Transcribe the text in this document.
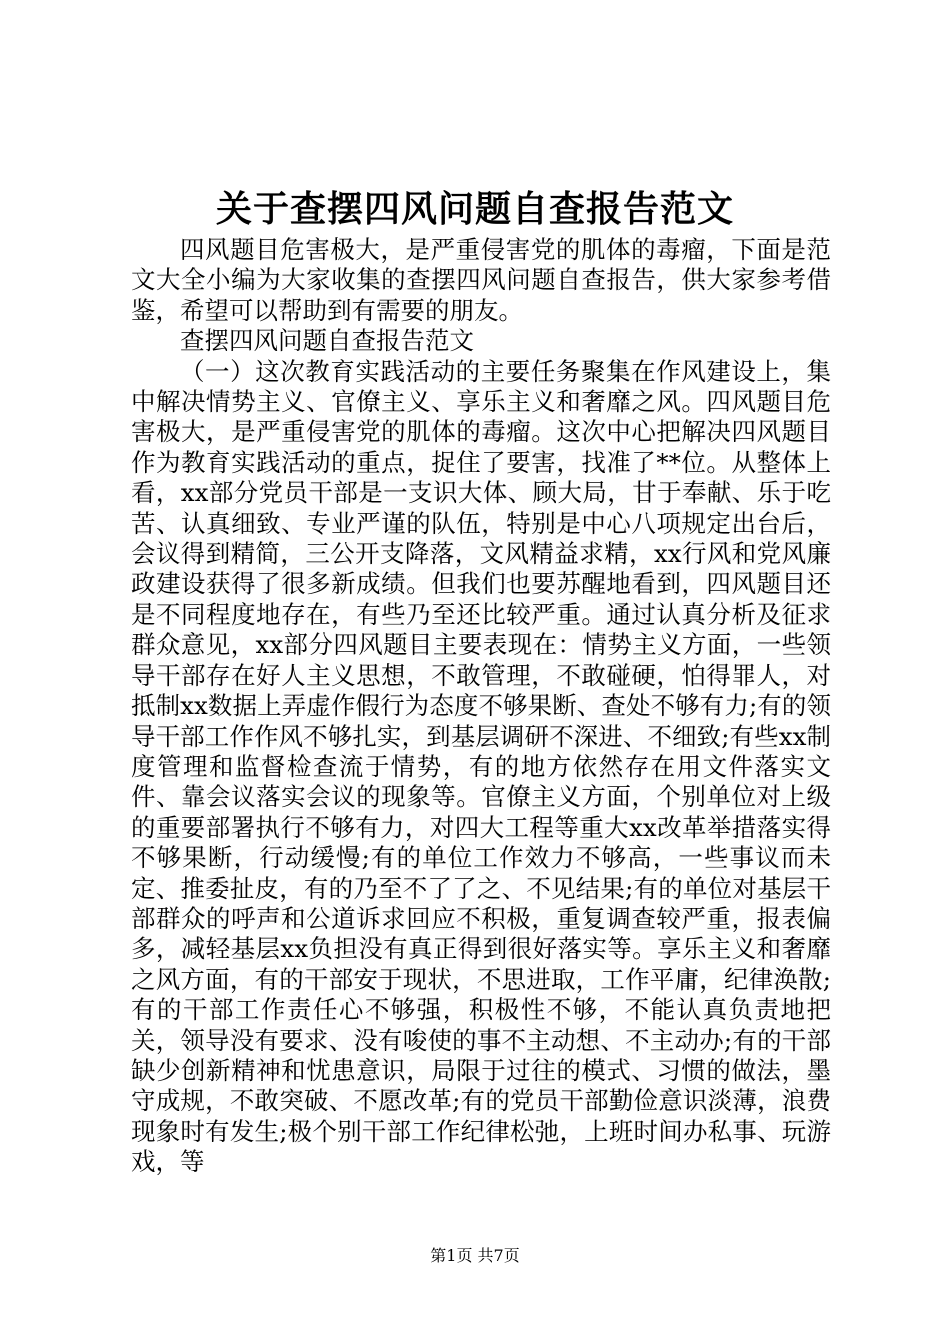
关于查摆四风问题自查报告范文

四风题目危害极大，是严重侵害党的肌体的毒瘤，下面是范文大全小编为大家收集的查摆四风问题自查报告，供大家参考借鉴，希望可以帮助到有需要的朋友。

查摆四风问题自查报告范文

（一）这次教育实践活动的主要任务聚集在作风建设上，集中解决情势主义、官僚主义、享乐主义和奢靡之风。四风题目危害极大，是严重侵害党的肌体的毒瘤。这次中心把解决四风题目作为教育实践活动的重点，捉住了要害，找准了**位。从整体上看，xx部分党员干部是一支识大体、顾大局，甘于奉献、乐于吃苦、认真细致、专业严谨的队伍，特别是中心八项规定出台后，会议得到精简，三公开支降落，文风精益求精，xx行风和党风廉政建设获得了很多新成绩。但我们也要苏醒地看到，四风题目还是不同程度地存在，有些乃至还比较严重。通过认真分析及征求群众意见，xx部分四风题目主要表现在：情势主义方面，一些领导干部存在好人主义思想，不敢管理，不敢碰硬，怕得罪人，对抵制xx数据上弄虚作假行为态度不够果断、查处不够有力;有的领导干部工作作风不够扎实，到基层调研不深进、不细致;有些xx制度管理和监督检查流于情势，有的地方依然存在用文件落实文件、靠会议落实会议的现象等。官僚主义方面，个别单位对上级的重要部署执行不够有力，对四大工程等重大xx改革举措落实得不够果断，行动缓慢;有的单位工作效力不够高，一些事议而未定、推委扯皮，有的乃至不了了之、不见结果;有的单位对基层干部群众的呼声和公道诉求回应不积极，重复调查较严重，报表偏多，减轻基层xx负担没有真正得到很好落实等。享乐主义和奢靡之风方面，有的干部安于现状，不思进取，工作平庸，纪律涣散;有的干部工作责任心不够强，积极性不够，不能认真负责地把关，领导没有要求、没有唆使的事不主动想、不主动办;有的干部缺少创新精神和忧患意识，局限于过往的模式、习惯的做法，墨守成规，不敢突破、不愿改革;有的党员干部勤俭意识淡薄，浪费现象时有发生;极个别干部工作纪律松弛，上班时间办私事、玩游戏，等

第1页 共7页
